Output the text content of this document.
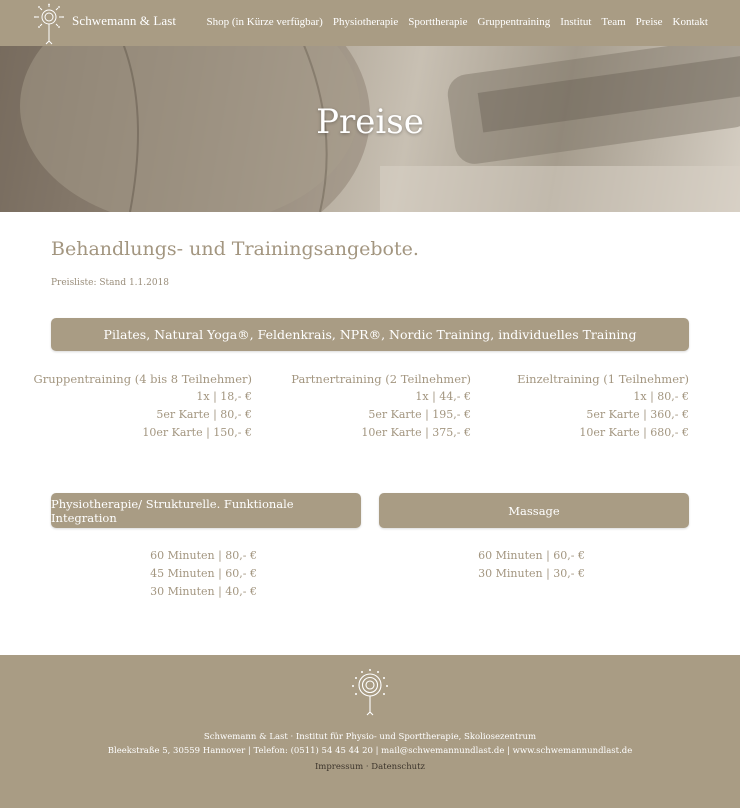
Schwemann & Last	Shop (in Kürze verfügbar) Physiotherapie Sporttherapie Gruppentraining Institut Team Preise Kontakt
Preise
Behandlungs- und Trainingsangebote.
Preisliste: Stand 1.1.2018
Pilates, Natural Yoga®, Feldenkrais, NPR®, Nordic Training, individuelles Training
Gruppentraining (4 bis 8 Teilnehmer)
1x | 18,- €
5er Karte | 80,- €
10er Karte | 150,- €
Partnertraining (2 Teilnehmer)
1x | 44,- €
5er Karte | 195,- €
10er Karte | 375,- €
Einzeltraining (1 Teilnehmer)
1x | 80,- €
5er Karte | 360,- €
10er Karte | 680,- €
Physiotherapie/ Strukturelle. Funktionale Integration	Massage
60 Minuten | 80,- €
45 Minuten | 60,- €
30 Minuten | 40,- €
60 Minuten | 60,- €
30 Minuten | 30,- €
Schwemann & Last · Institut für Physio- und Sporttherapie, Skoliosezentrum
Bleekstraße 5, 30559 Hannover | Telefon: (0511) 54 45 44 20 | mail@schwemannundlast.de | www.schwemannundlast.de
Impressum · Datenschutz
